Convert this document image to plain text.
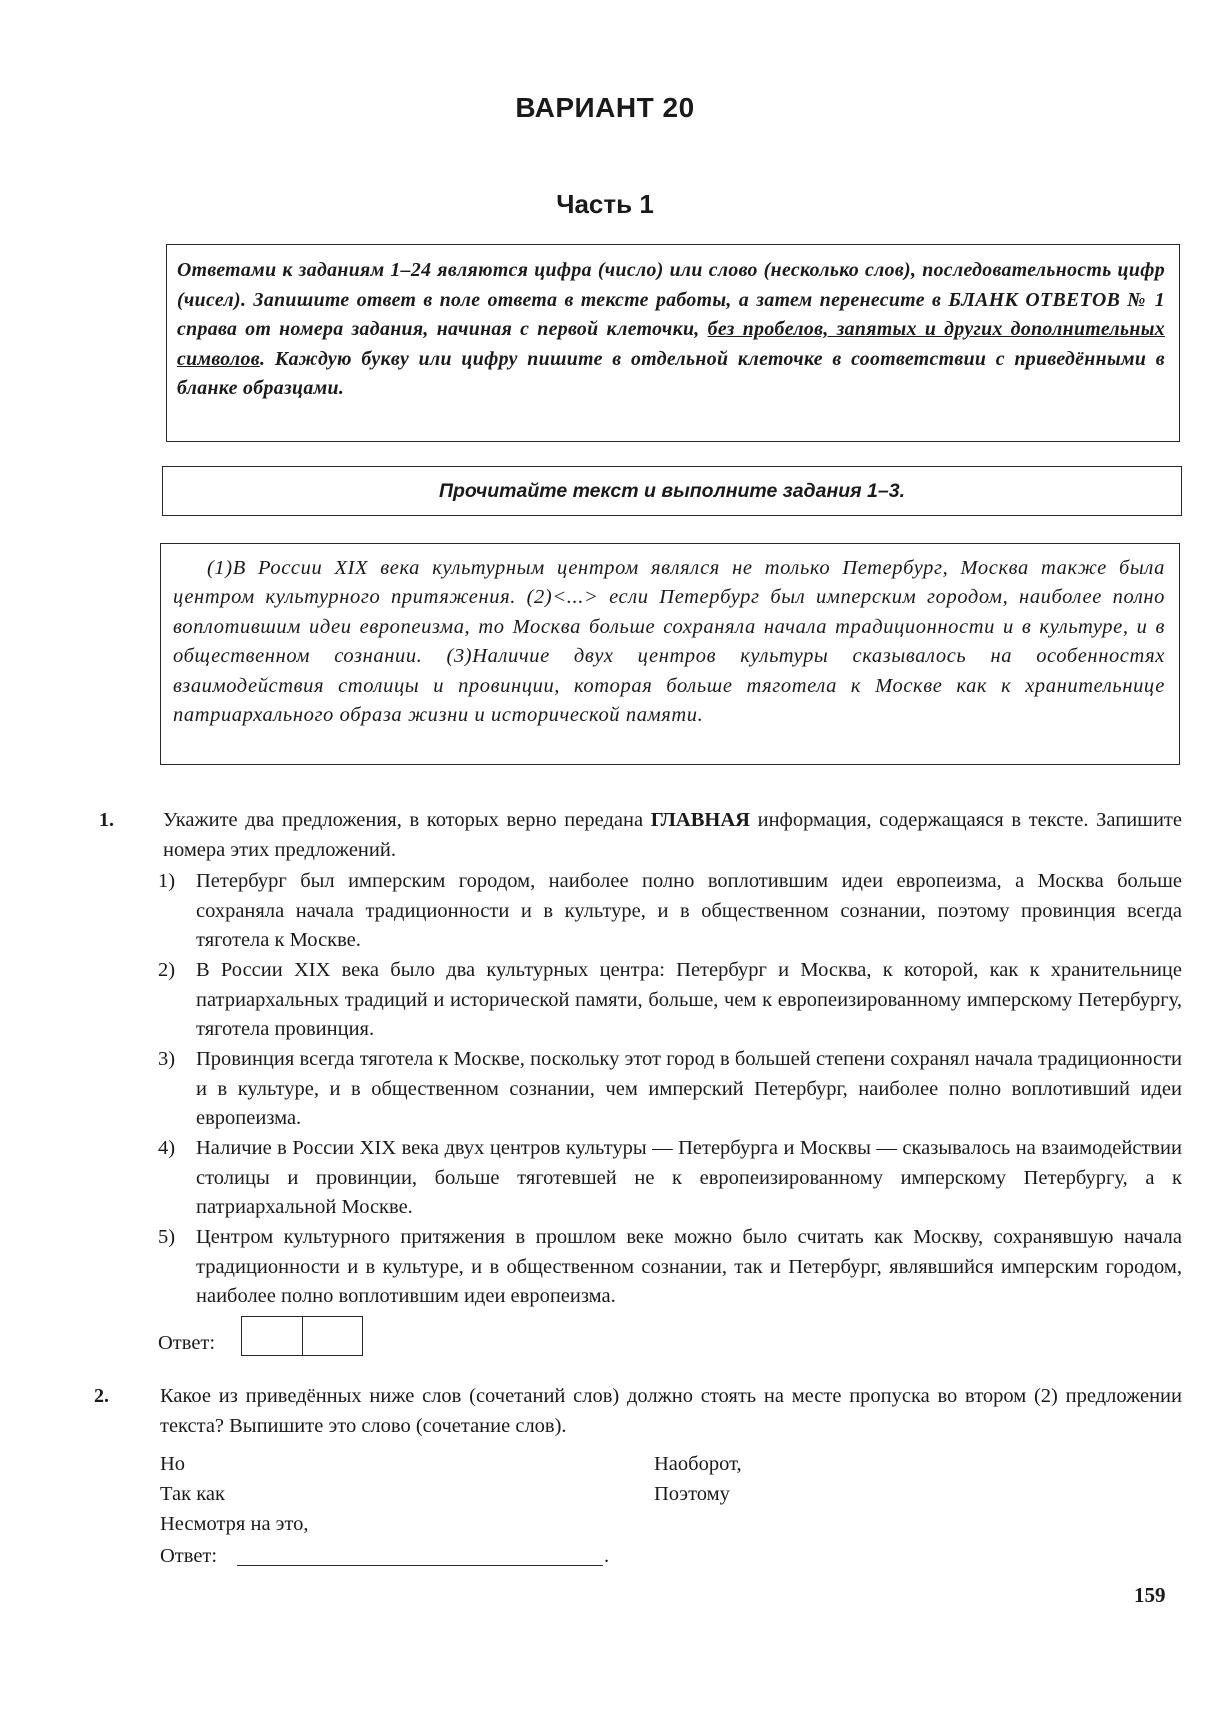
ВАРИАНТ 20
Часть 1
Ответами к заданиям 1–24 являются цифра (число) или слово (несколько слов), последовательность цифр (чисел). Запишите ответ в поле ответа в тексте работы, а затем перенесите в БЛАНК ОТВЕТОВ № 1 справа от номера задания, начиная с первой клеточки, без пробелов, запятых и других дополнительных символов. Каждую букву или цифру пишите в отдельной клеточке в соответствии с приведёнными в бланке образцами.
Прочитайте текст и выполните задания 1–3.

(1)В России XIX века культурным центром являлся не только Петербург, Москва также была центром культурного притяжения. (2)<...> если Петербург был имперским городом, наиболее полно воплотившим идеи европеизма, то Москва больше сохраняла начала традиционности и в культуре, и в общественном сознании. (3)Наличие двух центров культуры сказывалось на особенностях взаимодействия столицы и провинции, которая больше тяготела к Москве как к хранительнице патриархального образа жизни и исторической памяти.

1. Укажите два предложения, в которых верно передана ГЛАВНАЯ информация, содержащаяся в тексте. Запишите номера этих предложений.
1) Петербург был имперским городом, наиболее полно воплотившим идеи европеизма, а Москва больше сохраняла начала традиционности и в культуре, и в общественном сознании, поэтому провинция всегда тяготела к Москве.
2) В России XIX века было два культурных центра: Петербург и Москва, к которой, как к хранительнице патриархальных традиций и исторической памяти, больше, чем к европеизированному имперскому Петербургу, тяготела провинция.
3) Провинция всегда тяготела к Москве, поскольку этот город в большей степени сохранял начала традиционности и в культуре, и в общественном сознании, чем имперский Петербург, наиболее полно воплотивший идеи европеизма.
4) Наличие в России XIX века двух центров культуры — Петербурга и Москвы — сказывалось на взаимодействии столицы и провинции, больше тяготевшей не к европеизированному имперскому Петербургу, а к патриархальной Москве.
5) Центром культурного притяжения в прошлом веке можно было считать как Москву, сохранявшую начала традиционности и в культуре, и в общественном сознании, так и Петербург, являвшийся имперским городом, наиболее полно воплотившим идеи европеизма.
Ответ:
2. Какое из приведённых ниже слов (сочетаний слов) должно стоять на месте пропуска во втором (2) предложении текста? Выпишите это слово (сочетание слов).
Но
Так как
Несмотря на это,
Наоборот,
Поэтому
Ответ:	.
159
